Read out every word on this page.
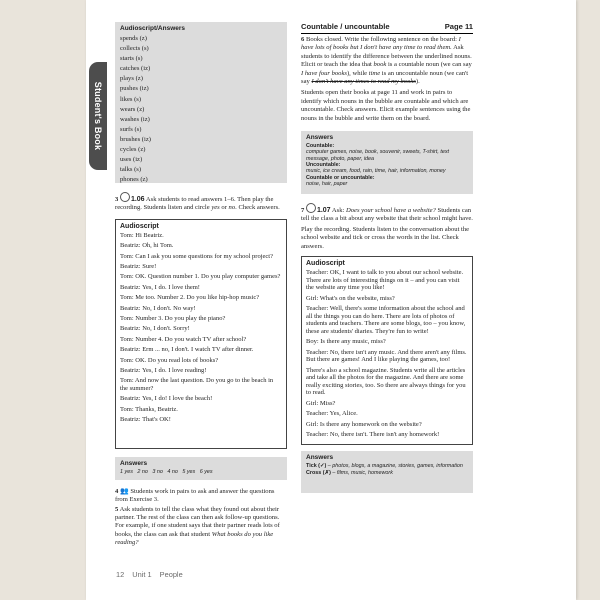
Student's Book
Audioscript/Answers
spends (z)
collects (s)
starts (s)
catches (iz)
plays (z)
pushes (iz)
likes (s)
wears (z)
washes (iz)
surfs (s)
brushes (iz)
cycles (z)
uses (iz)
talks (s)
phones (z)

3 1.06 Ask students to read answers 1–6. Then play the recording. Students listen and circle yes or no. Check answers.

Audioscript
Tom: Hi Beatriz.
Beatriz: Oh, hi Tom.
Tom: Can I ask you some questions for my school project?
Beatriz: Sure!
Tom: OK. Question number 1. Do you play computer games?
Beatriz: Yes, I do. I love them!
Tom: Me too. Number 2. Do you like hip-hop music?
Beatriz: No, I don't. No way!
Tom: Number 3. Do you play the piano?
Beatriz: No, I don't. Sorry!
Tom: Number 4. Do you watch TV after school?
Beatriz: Erm ... no, I don't. I watch TV after dinner.
Tom: OK. Do you read lots of books?
Beatriz: Yes, I do. I love reading!
Tom: And now the last question. Do you go to the beach in the summer?
Beatriz: Yes, I do! I love the beach!
Tom: Thanks, Beatriz.
Beatriz: That's OK!
Answers
1 yes   2 no   3 no   4 no   5 yes   6 yes

4 👥 Students work in pairs to ask and answer the questions from Exercise 3.

5 Ask students to tell the class what they found out about their partner. The rest of the class can then ask follow-up questions. For example, if one student says that their partner reads lots of books, the class can ask that student What books do you like reading?

Countable / uncountable	Page 11

6 Books closed. Write the following sentence on the board: I have lots of books but I don't have any time to read them. Ask students to identify the difference between the underlined nouns. Elicit or teach the idea that book is a countable noun (we can say I have four books), while time is an uncountable noun (we can't say I don't have any times to read my books).

Students open their books at page 11 and work in pairs to identify which nouns in the bubble are countable and which are uncountable. Check answers. Elicit example sentences using the nouns in the bubble and write them on the board.

Answers
Countable:
computer games, noise, book, souvenir, sweets, T-shirt, text message, photo, paper, idea
Uncountable:
music, ice cream, food, rain, time, hair, information, money
Countable or uncountable:
noise, hair, paper

7 1.07 Ask: Does your school have a website? Students can tell the class a bit about any website that their school might have.

Play the recording. Students listen to the conversation about the school website and tick or cross the words in the list. Check answers.

Audioscript
Teacher: OK, I want to talk to you about our school website. There are lots of interesting things on it – and you can visit the website any time you like!
Girl: What's on the website, miss?
Teacher: Well, there's some information about the school and all the things you can do here. There are lots of photos of students and teachers. There are some blogs, too – you know, these are students' diaries. They're fun to write!
Boy: Is there any music, miss?
Teacher: No, there isn't any music. And there aren't any films. But there are games! And I like playing the games, too!
There's also a school magazine. Students write all the articles and take all the photos for the magazine. And there are some really exciting stories, too. So there are always things for you to read.
Girl: Miss?
Teacher: Yes, Alice.
Girl: Is there any homework on the website?
Teacher: No, there isn't. There isn't any homework!
Answers
Tick (✓) – photos, blogs, a magazine, stories, games, information
Cross (✗) – films, music, homework
12 Unit 1 People
